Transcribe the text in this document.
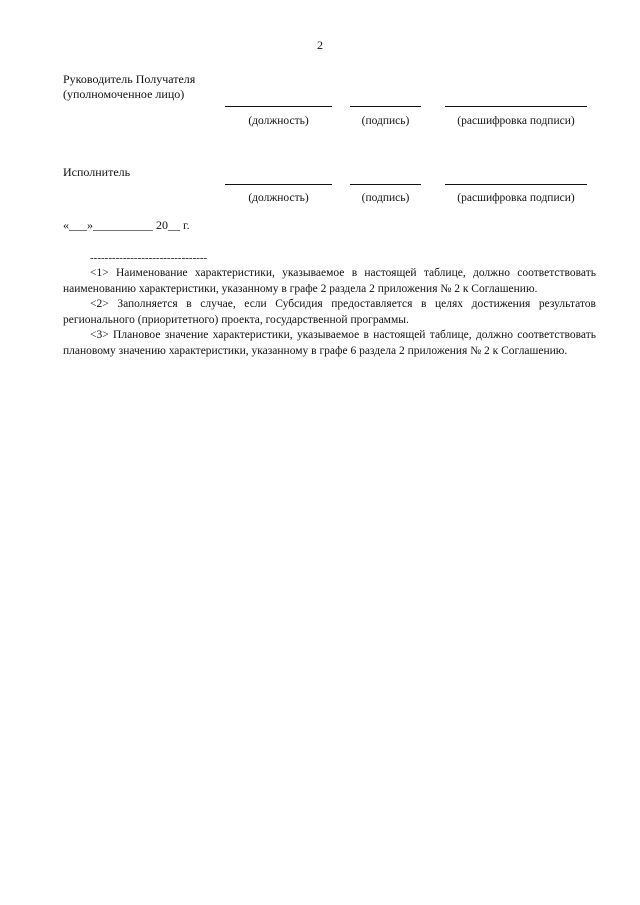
2
Руководитель Получателя
(уполномоченное лицо)
(должность)	(подпись)	(расшифровка подписи)
Исполнитель
(должность)	(подпись)	(расшифровка подписи)
«___»__________ 20__ г.
--------------------------------

<1> Наименование характеристики, указываемое в настоящей таблице, должно соответствовать наименованию характеристики, указанному в графе 2 раздела 2 приложения № 2 к Соглашению.

<2> Заполняется в случае, если Субсидия предоставляется в целях достижения результатов регионального (приоритетного) проекта, государственной программы.

<3> Плановое значение характеристики, указываемое в настоящей таблице, должно соответствовать плановому значению характеристики, указанному в графе 6 раздела 2 приложения № 2 к Соглашению.
